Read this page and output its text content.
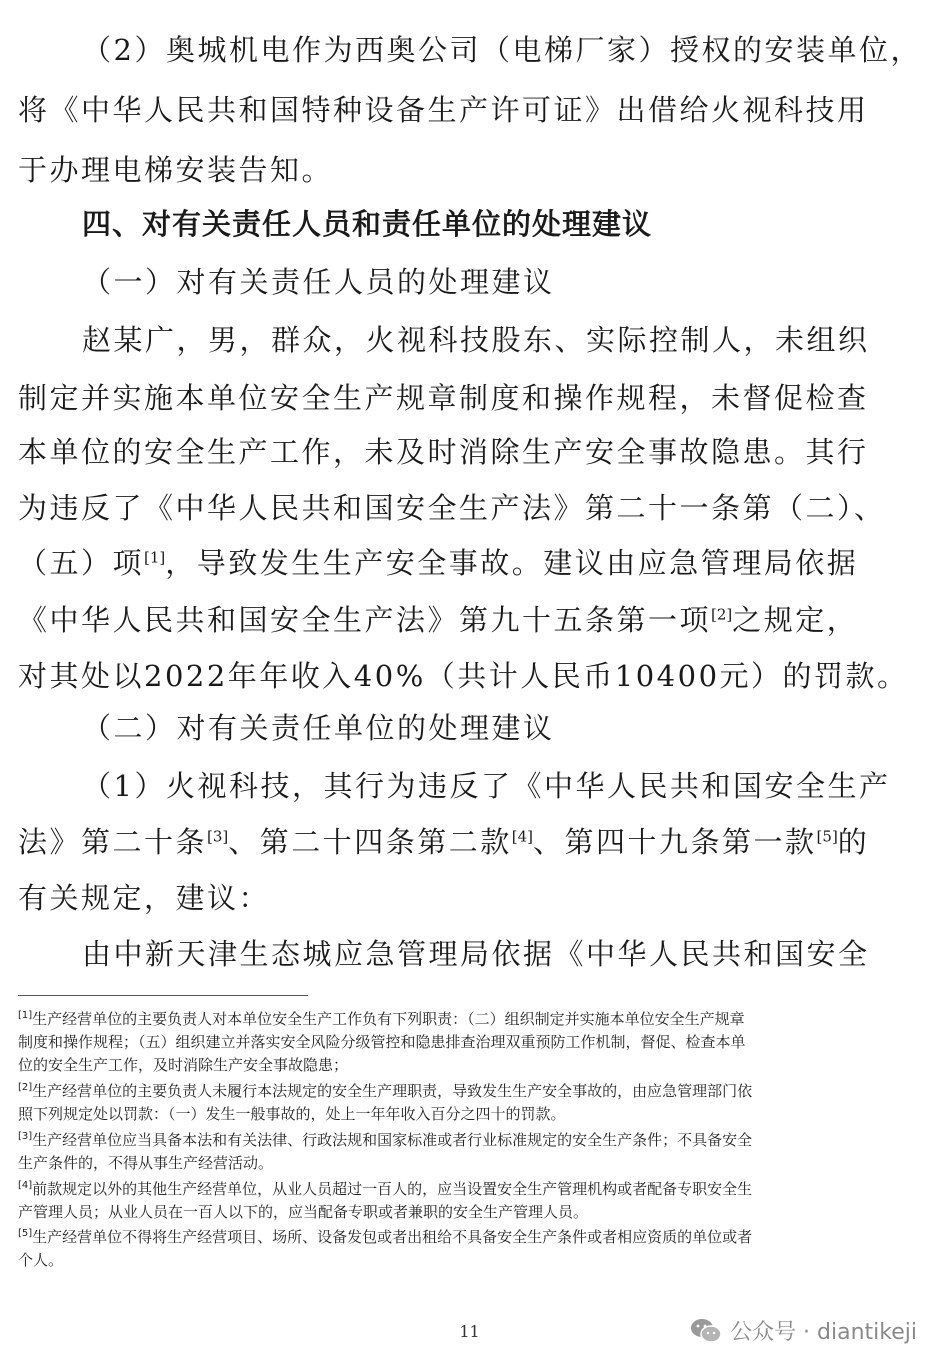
（2）奥城机电作为西奥公司（电梯厂家）授权的安装单位，
将《中华人民共和国特种设备生产许可证》出借给火视科技用
于办理电梯安装告知。
四、对有关责任人员和责任单位的处理建议
（一）对有关责任人员的处理建议
赵某广，男，群众，火视科技股东、实际控制人，未组织
制定并实施本单位安全生产规章制度和操作规程，未督促检查
本单位的安全生产工作，未及时消除生产安全事故隐患。其行
为违反了《中华人民共和国安全生产法》第二十一条第（二）、
（五）项[1]，导致发生生产安全事故。建议由应急管理局依据
《中华人民共和国安全生产法》第九十五条第一项[2]之规定，
对其处以2022年年收入40%（共计人民币10400元）的罚款。
（二）对有关责任单位的处理建议
（1）火视科技，其行为违反了《中华人民共和国安全生产
法》第二十条[3]、第二十四条第二款[4]、第四十九条第一款[5]的
有关规定，建议：
由中新天津生态城应急管理局依据《中华人民共和国安全
[1]生产经营单位的主要负责人对本单位安全生产工作负有下列职责：（二）组织制定并实施本单位安全生产规章
制度和操作规程；（五）组织建立并落实安全风险分级管控和隐患排查治理双重预防工作机制，督促、检查本单
位的安全生产工作，及时消除生产安全事故隐患；
[2]生产经营单位的主要负责人未履行本法规定的安全生产理职责，导致发生生产安全事故的，由应急管理部门依
照下列规定处以罚款：（一）发生一般事故的，处上一年年收入百分之四十的罚款。
[3]生产经营单位应当具备本法和有关法律、行政法规和国家标准或者行业标准规定的安全生产条件；不具备安全
生产条件的，不得从事生产经营活动。
[4]前款规定以外的其他生产经营单位，从业人员超过一百人的，应当设置安全生产管理机构或者配备专职安全生
产管理人员；从业人员在一百人以下的，应当配备专职或者兼职的安全生产管理人员。
[5]生产经营单位不得将生产经营项目、场所、设备发包或者出租给不具备安全生产条件或者相应资质的单位或者
个人。
11	公众号 · diantikeji
